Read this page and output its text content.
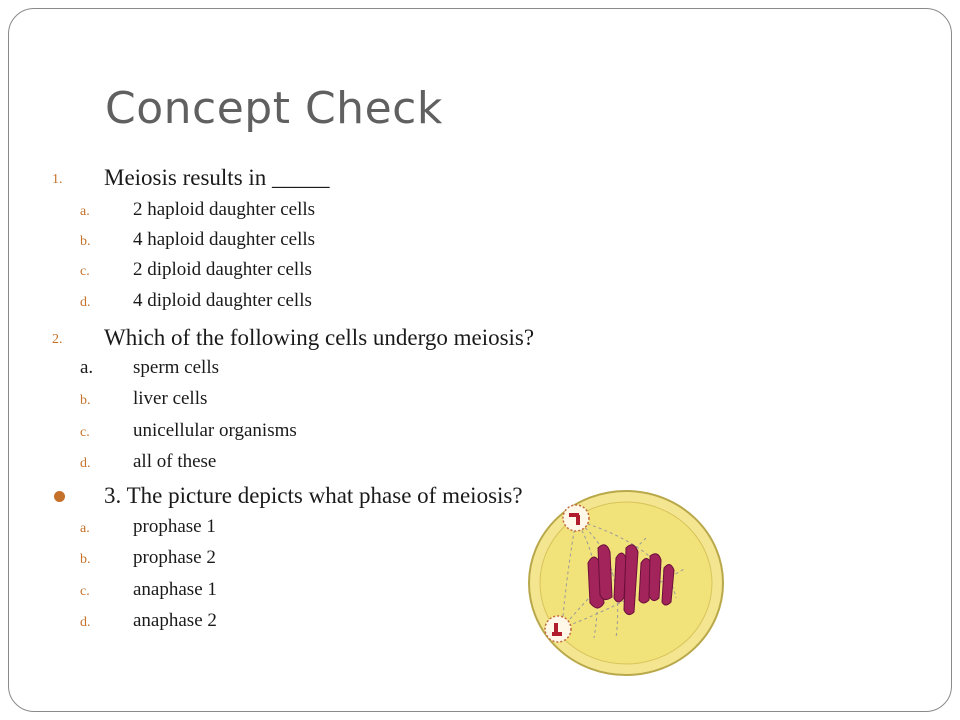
Concept Check
1. Meiosis results in _____
a. 2 haploid daughter cells
b. 4 haploid daughter cells
c. 2 diploid daughter cells
d. 4 diploid daughter cells
2. Which of the following cells undergo meiosis?
a. sperm cells
b. liver cells
c. unicellular organisms
d. all of these
3. The picture depicts what phase of meiosis?
a. prophase 1
b. prophase 2
c. anaphase 1
d. anaphase 2
